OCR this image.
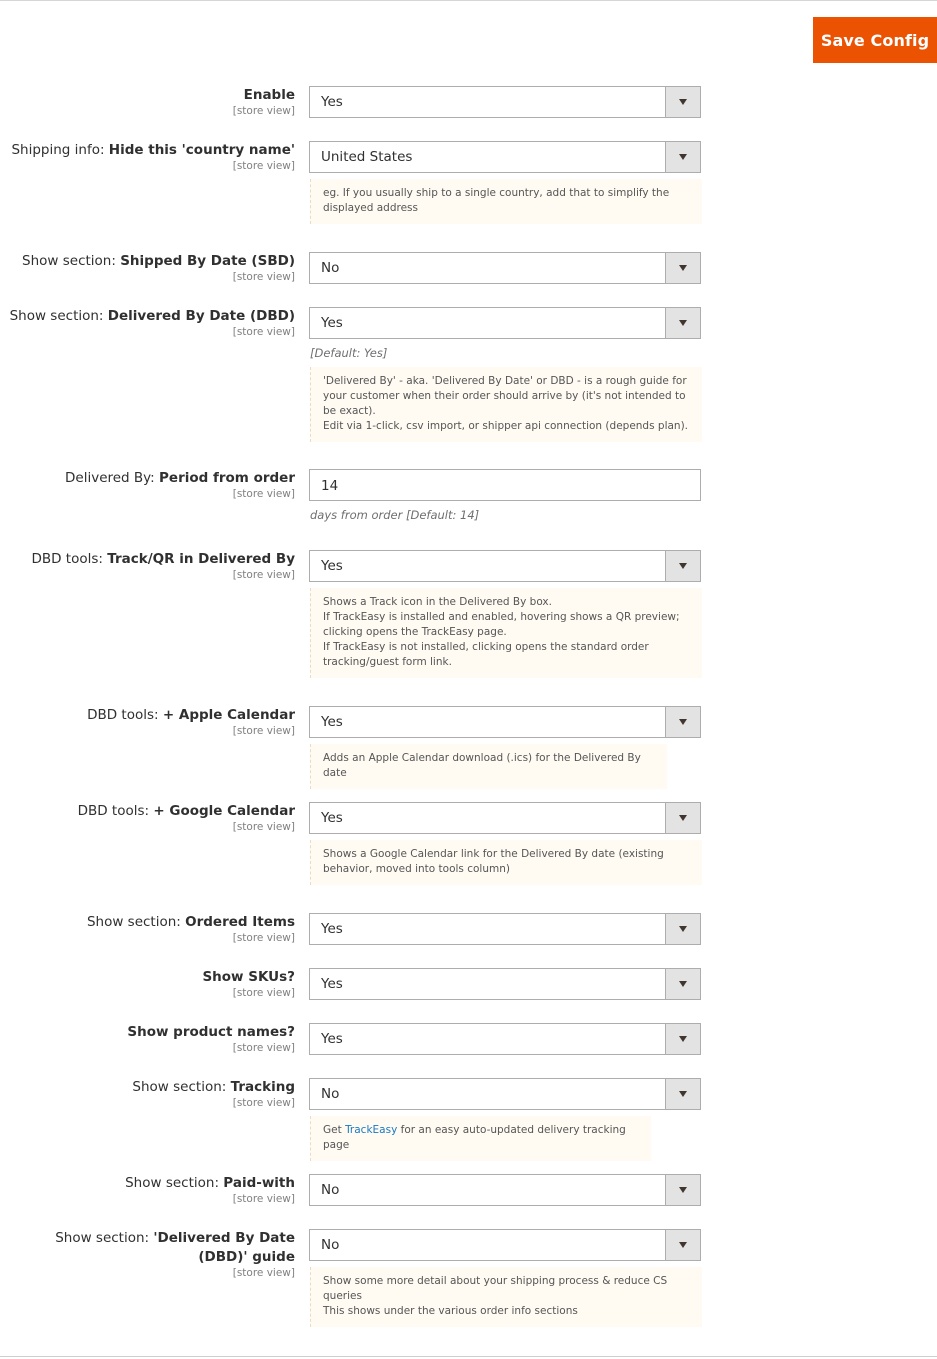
Save Config
Enable
[store view]
Yes
Shipping info: Hide this 'country name'
[store view]
United States
eg. If you usually ship to a single country, add that to simplify the displayed address
Show section: Shipped By Date (SBD)
[store view]
No
Show section: Delivered By Date (DBD)
[store view]
Yes
[Default: Yes]
'Delivered By' - aka. 'Delivered By Date' or DBD - is a rough guide for your customer when their order should arrive by (it's not intended to be exact).
Edit via 1-click, csv import, or shipper api connection (depends plan).
Delivered By: Period from order
[store view] 14
days from order [Default: 14]
DBD tools: Track/QR in Delivered By
[store view]
Yes
Shows a Track icon in the Delivered By box.
If TrackEasy is installed and enabled, hovering shows a QR preview; clicking opens the TrackEasy page.
If TrackEasy is not installed, clicking opens the standard order tracking/guest form link.
DBD tools: + Apple Calendar
[store view]
Yes
Adds an Apple Calendar download (.ics) for the Delivered By date
DBD tools: + Google Calendar
[store view]
Yes
Shows a Google Calendar link for the Delivered By date (existing behavior, moved into tools column)
Show section: Ordered Items
[store view]
Yes
Show SKUs?
[store view]
Yes
Show product names?
[store view]
Yes
Show section: Tracking
[store view]
No
Get TrackEasy for an easy auto-updated delivery tracking page
Show section: Paid-with
[store view]
No
Show section: 'Delivered By Date (DBD)' guide
[store view]
No
Show some more detail about your shipping process & reduce CS queries
This shows under the various order info sections
